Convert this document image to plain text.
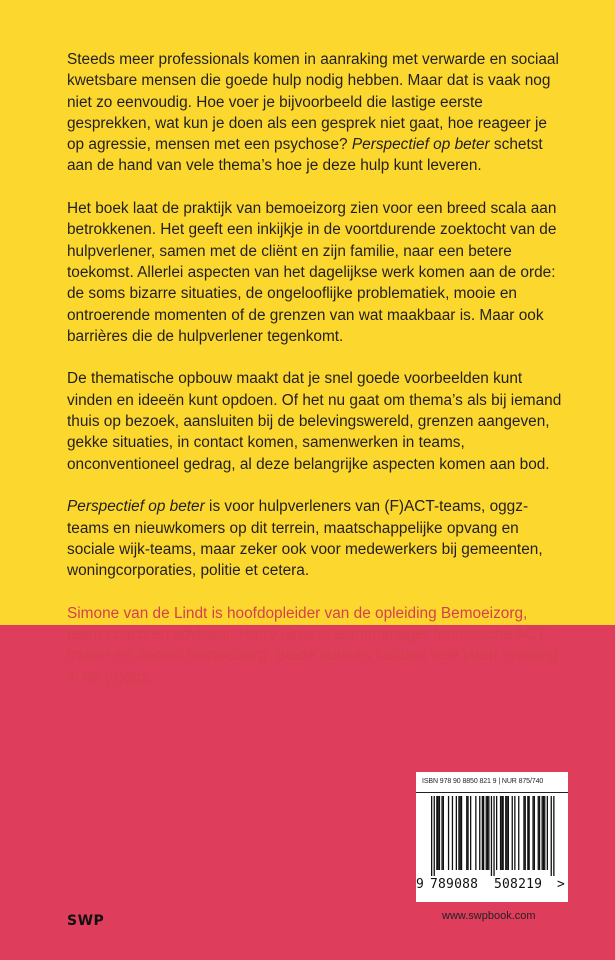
Steeds meer professionals komen in aanraking met verwarde en sociaal kwetsbare mensen die goede hulp nodig hebben. Maar dat is vaak nog niet zo eenvoudig. Hoe voer je bijvoorbeeld die lastige eerste gesprekken, wat kun je doen als een gesprek niet gaat, hoe reageer je op agressie, mensen met een psychose? Perspectief op beter schetst aan de hand van vele thema’s hoe je deze hulp kunt leveren.

Het boek laat de praktijk van bemoeizorg zien voor een breed scala aan betrokkenen. Het geeft een inkijkje in de voortdurende zoektocht van de hulpverlener, samen met de cliënt en zijn familie, naar een betere toekomst. Allerlei aspecten van het dagelijkse werk komen aan de orde: de soms bizarre situaties, de ongelooflijke problematiek, mooie en ontroerende momenten of de grenzen van wat maakbaar is. Maar ook barrières die de hulpverlener tegenkomt.

De thematische opbouw maakt dat je snel goede voorbeelden kunt vinden en ideeën kunt opdoen. Of het nu gaat om thema’s als bij iemand thuis op bezoek, aansluiten bij de belevingswereld, grenzen aangeven, gekke situaties, in contact komen, samenwerken in teams, onconventioneel gedrag, al deze belangrijke aspecten komen aan bod.

Perspectief op beter is voor hulpverleners van (F)ACT-teams, oggz-teams en nieuwkomers op dit terrein, maatschappelijke opvang en sociale wijk-teams, maar zeker ook voor medewerkers bij gemeenten, woningcorporaties, politie et cetera.

Simone van de Lindt is hoofdopleider van de opleiding Bemoeizorg, team-coach en adviseur. Harry Gras is teammanager forensische ACT, trainer en docent bemoeizorg. Beide auteurs hebben vele jaren ervaring in de (o)ggz.

ISBN 978 90 8850 821 9 | NUR 875/740
9 789088 508219 >
SWP	www.swpbook.com
